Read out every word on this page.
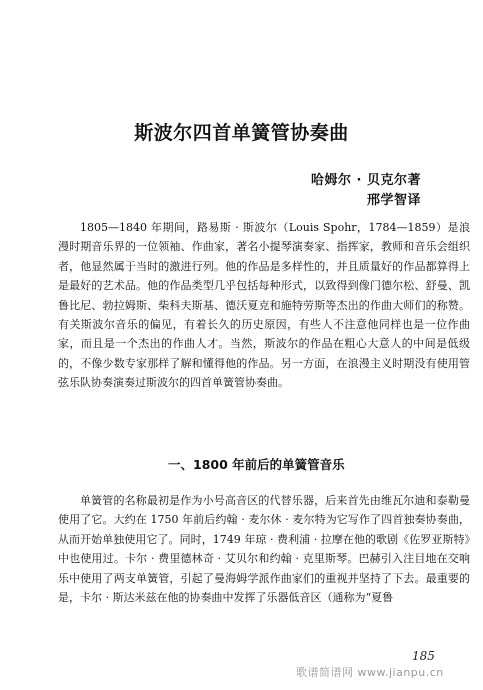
斯波尔四首单簧管协奏曲
哈姆尔 · 贝克尔著
邢学智译

1805—1840 年期间，路易斯 · 斯波尔（Louis Spohr，1784—1859）是浪漫时期音乐界的一位领袖、作曲家，著名小提琴演奏家、指挥家，教师和音乐会组织者，他显然属于当时的激进行列。他的作品是多样性的，并且质量好的作品都算得上是最好的艺术品。他的作品类型几乎包括每种形式，以致得到像门德尔松、舒曼、凯鲁比尼、勃拉姆斯、柴科夫斯基、德沃夏克和施特劳斯等杰出的作曲大师们的称赞。有关斯波尔音乐的偏见，有着长久的历史原因，有些人不注意他同样也是一位作曲家，而且是一个杰出的作曲人才。当然，斯波尔的作品在粗心大意人的中间是低级的，不像少数专家那样了解和懂得他的作品。另一方面，在浪漫主义时期没有使用管弦乐队协奏演奏过斯波尔的四首单簧管协奏曲。

一、1800 年前后的单簧管音乐

单簧管的名称最初是作为小号高音区的代替乐器，后来首先由维瓦尔迪和泰勒曼使用了它。大约在 1750 年前后约翰 · 麦尔休 · 麦尔特为它写作了四首独奏协奏曲，从而开始单独使用它了。同时，1749 年琼 · 费利浦 · 拉摩在他的歌剧《佐罗亚斯特》中也使用过。卡尔 · 费里德林奇 · 艾贝尔和约翰 · 克里斯琴。巴赫引入注目地在交响乐中使用了两支单簧管，引起了曼海姆学派作曲家们的重视并坚持了下去。最重要的是，卡尔 · 斯达米兹在他的协奏曲中发挥了乐器低音区（通称为“夏鲁

185
歌谱简谱网 www.jianpu.cn
